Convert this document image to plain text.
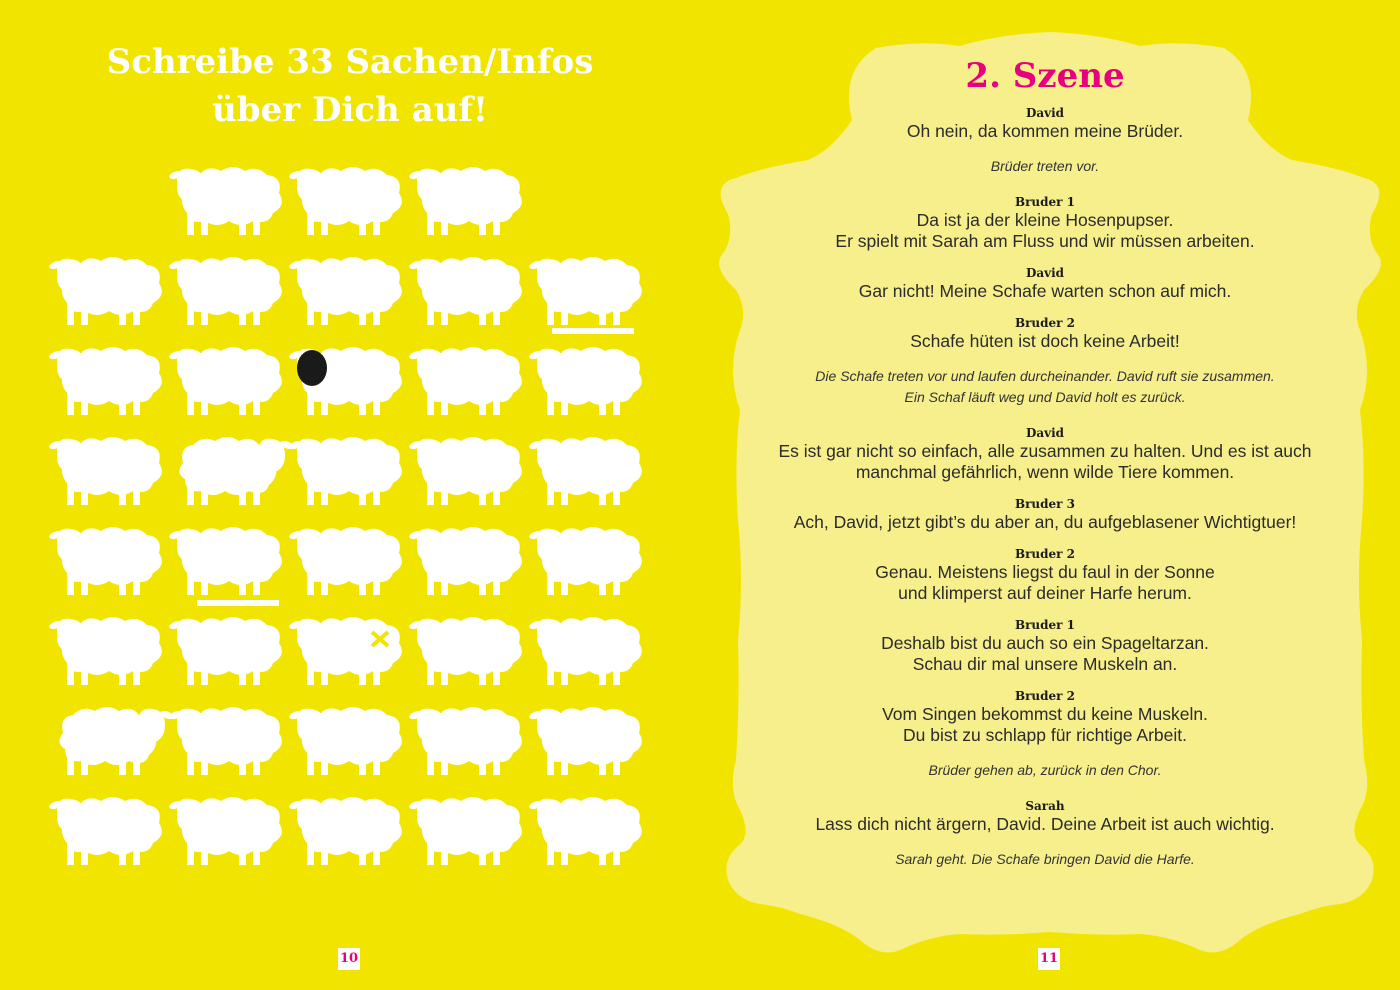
Schreibe 33 Sachen/Infos
über Dich auf!
10
2. Szene
David
Oh nein, da kommen meine Brüder.
Brüder treten vor.
Bruder 1
Da ist ja der kleine Hosenpupser.
Er spielt mit Sarah am Fluss und wir müssen arbeiten.
David
Gar nicht! Meine Schafe warten schon auf mich.
Bruder 2
Schafe hüten ist doch keine Arbeit!
Die Schafe treten vor und laufen durcheinander. David ruft sie zusammen.
Ein Schaf läuft weg und David holt es zurück.
David
Es ist gar nicht so einfach, alle zusammen zu halten. Und es ist auch
manchmal gefährlich, wenn wilde Tiere kommen.
Bruder 3
Ach, David, jetzt gibt’s du aber an, du aufgeblasener Wichtigtuer!
Bruder 2
Genau. Meistens liegst du faul in der Sonne
und klimperst auf deiner Harfe herum.
Bruder 1
Deshalb bist du auch so ein Spageltarzan.
Schau dir mal unsere Muskeln an.
Bruder 2
Vom Singen bekommst du keine Muskeln.
Du bist zu schlapp für richtige Arbeit.
Brüder gehen ab, zurück in den Chor.
Sarah
Lass dich nicht ärgern, David. Deine Arbeit ist auch wichtig.
Sarah geht. Die Schafe bringen David die Harfe.
11
